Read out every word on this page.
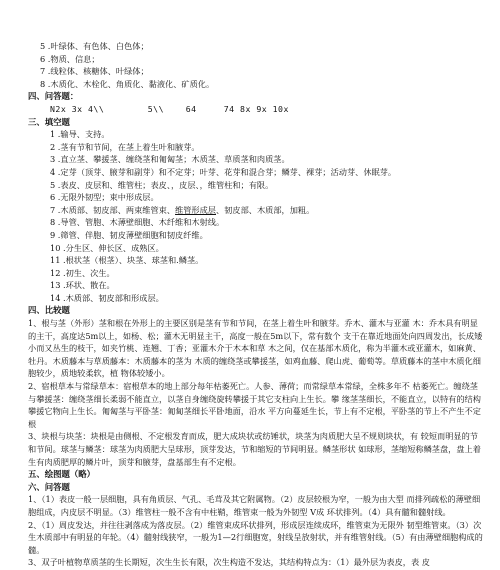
5 .叶绿体、有色体、白色体；
6 .物质、信息；
7 .线粒体、核糖体、叶绿体；
8 .木质化、木栓化、角质化、黏液化、矿质化。
四、问答题：
N2x 3x 4\\        5\\    64     74 8x 9x 10x
三、填空题
1 .输导、支持。
2 .茎有节和节间，在茎上着生叶和腋芽。
3 .直立茎、攀援茎、缠绕茎和匍匐茎；木质茎、草质茎和肉质茎。
4 .定芽（顶芽、腋芽和副芽）和不定芽；叶芽、花芽和混合芽；鳞芽、裸芽；活动芽、休眠芽。
5 .表皮、皮层和、维管柱；表皮、，皮层、，维管柱和；有限。
6 .无限外韧型；束中形成层。
7 .木质部、韧皮部、两束维管束、维管形成层、韧皮部、木质部，加粗。
8 .导管、管胞、木薄壁细胞、木纤维和木射线。
9 .筛管、伴胞、韧皮薄壁细胞和韧皮纤维。
10 .分生区、伸长区、成熟区。
11 .根状茎（根茎）、块茎、球茎和.鳞茎。
12 .初生、次生。
13 .环状、散在。
14 .木质部、韧皮部和形成层。
四、比较题
1、根与茎（外形）茎和根在外形上的主要区别是茎有节和节间，在茎上着生叶和腋芽。乔木、灌木与亚灌 木：乔木具有明显的主干，高度达5m以上，如杨、松；灌木无明显主干，高度一般在5m以下，常有数个 支干在靠近地面处向四周发出，长成矮小而又丛生的枝干，如夹竹桃、连翘、丁香；亚灌木介于木本和草 木之间，仅在基部木质化，称为半灌木或亚灌木，如麻黄、牡丹。木质藤本与草质藤本：木质藤本的茎为 木质的缠绕茎或攀援茎，如鸡血藤、爬山虎、葡萄等。草质藤本的茎中木质化细胞较少，质地较柔软，植 物体较矮小。
2、宿根草本与常绿草本：宿根草本的地上部分每年枯萎死亡。人参、薄荷；而常绿草本常绿，全株多年不 枯萎死亡。缠绕茎与攀援茎：缠绕茎细长柔弱不能直立，以茎自身缠绕旋转攀援于其它支柱向上生长。攀 缘茎茎细长，不能直立，以特有的结构攀援它物向上生长。匍匐茎与平卧茎：匍匐茎细长平卧地面，沿水 平方向蔓延生长，节上有不定根，平卧茎的节上不产生不定根
3、块根与块茎：块根是由侧根、不定根发育而成，肥大成块状或纺锤状，块茎为肉质肥大呈不规则块状，有 较短而明显的节和节间。球茎与鳞茎：球茎为肉质肥大呈球形，顶芽发达，节和缩短的节间明显。鳞茎形状 如球形，茎缩短称鳞茎盘，盘上着生有肉质肥厚的鳞片叶，顶芽和腋芽，盘基部生有不定根。
五、绘图题（略）
六、问答题
1、（1）表皮一般一层细胞，具有角质层、气孔、毛茸及其它附属物。（2）皮层较根为窄，一般为由大型 而排列疏松的薄壁细胞组成，内皮层不明显。（3）维管柱一般不含有中柱鞘，维管束一般为外韧型 V成 环状排列。（4）具有髓和髓射线。
2、（1）周皮发达，并往往剥落成为落皮层。（2）维管束成环状排列，形成层连续成环，维管束为无限外 韧型维管束。（3）次生木质部中有明显的年轮。（4）髓射线狭窄，一般为1—2行细胞宽，射线呈放射状，并有维管射线。（5）有由薄壁细胞构成的髓。
3、双子叶植物草质茎的生长期短，次生生长有限，次生构造不发达，其结构特点为：（1）最外层为表皮，表 皮
